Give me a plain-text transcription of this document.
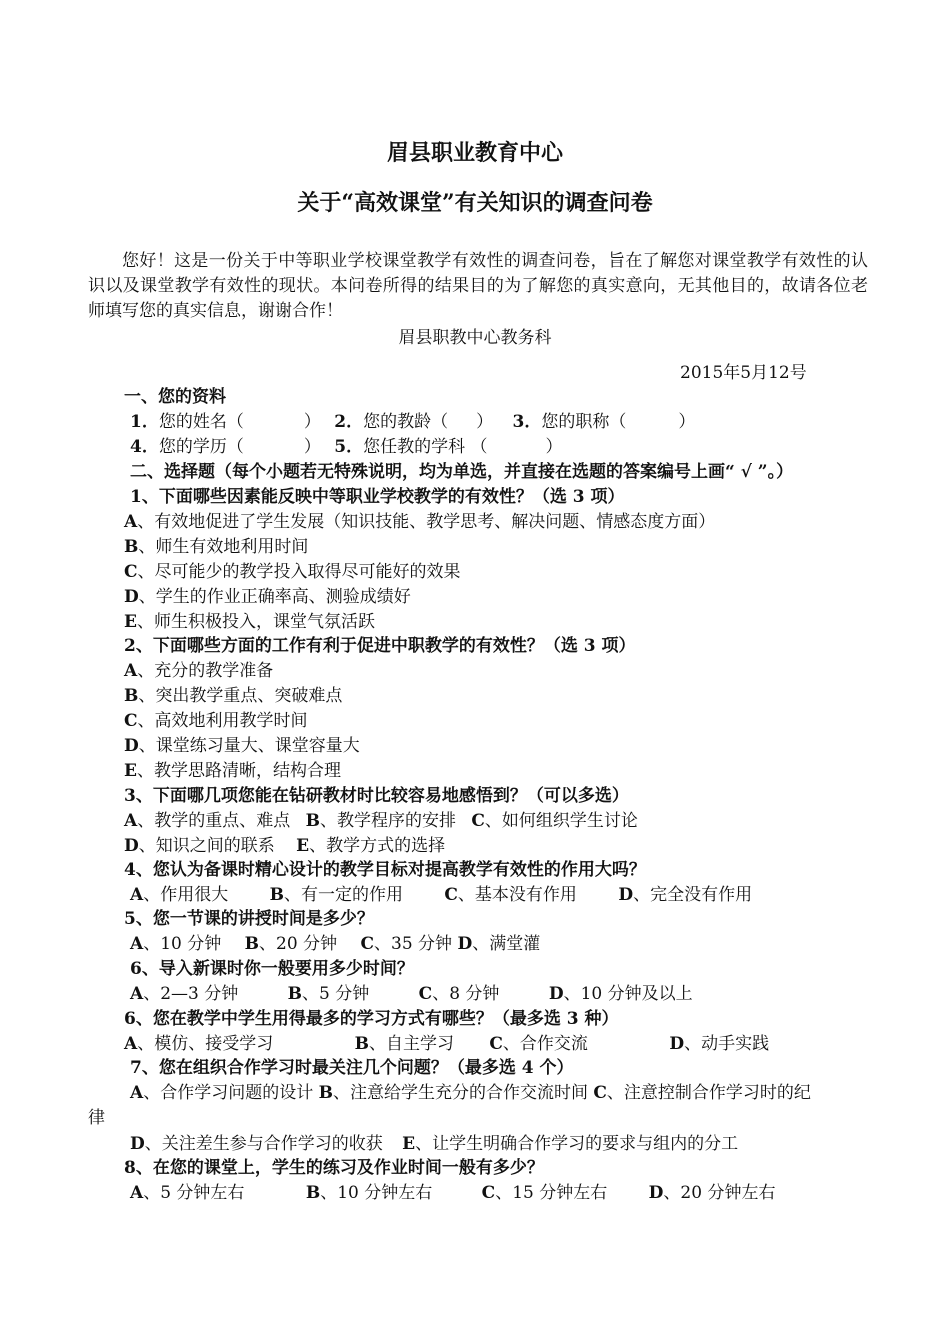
眉县职业教育中心
关于“高效课堂”有关知识的调查问卷
您好！这是一份关于中等职业学校课堂教学有效性的调查问卷，旨在了解您对课堂教学有效性的认识以及课堂教学有效性的现状。本问卷所得的结果目的为了解您的真实意向，无其他目的，故请各位老师填写您的真实信息，谢谢合作！
眉县职教中心教务科
2015年5月12号
一、您的资料
1．您的姓名（	） 2．您的教龄（ ） 3．您的职称（	）
4．您的学历（	） 5．您任教的学科 （	）
二、选择题（每个小题若无特殊说明，均为单选，并直接在选题的答案编号上画“ √ ”。）
1、下面哪些因素能反映中等职业学校教学的有效性？（选 3 项）
A、有效地促进了学生发展（知识技能、教学思考、解决问题、情感态度方面）
B、师生有效地利用时间
C、尽可能少的教学投入取得尽可能好的效果
D、学生的作业正确率高、测验成绩好
E、师生积极投入，课堂气氛活跃
2、下面哪些方面的工作有利于促进中职教学的有效性？（选 3 项）
A、充分的教学准备
B、突出教学重点、突破难点
C、高效地利用教学时间
D、课堂练习量大、课堂容量大
E、教学思路清晰，结构合理
3、下面哪几项您能在钻研教材时比较容易地感悟到？（可以多选）
A、教学的重点、难点 B、教学程序的安排 C、如何组织学生讨论
D、知识之间的联系 E、教学方式的选择
4、您认为备课时精心设计的教学目标对提高教学有效性的作用大吗？
A、作用很大 B、有一定的作用 C、基本没有作用 D、完全没有作用
5、您一节课的讲授时间是多少？
A、10 分钟 B、20 分钟 C、35 分钟 D、满堂灌
6、导入新课时你一般要用多少时间？
A、2—3 分钟	B、5 分钟	C、8 分钟	D、10 分钟及以上
6、您在教学中学生用得最多的学习方式有哪些？（最多选 3 种）
A、模仿、接受学习	B、自主学习 C、合作交流	D、动手实践
7、您在组织合作学习时最关注几个问题？（最多选 4 个）
A、合作学习问题的设计 B、注意给学生充分的合作交流时间 C、注意控制合作学习时的纪
律
D、关注差生参与合作学习的收获 E、让学生明确合作学习的要求与组内的分工
8、在您的课堂上，学生的练习及作业时间一般有多少？
A、5 分钟左右	B、10 分钟左右	C、15 分钟左右 D、20 分钟左右
